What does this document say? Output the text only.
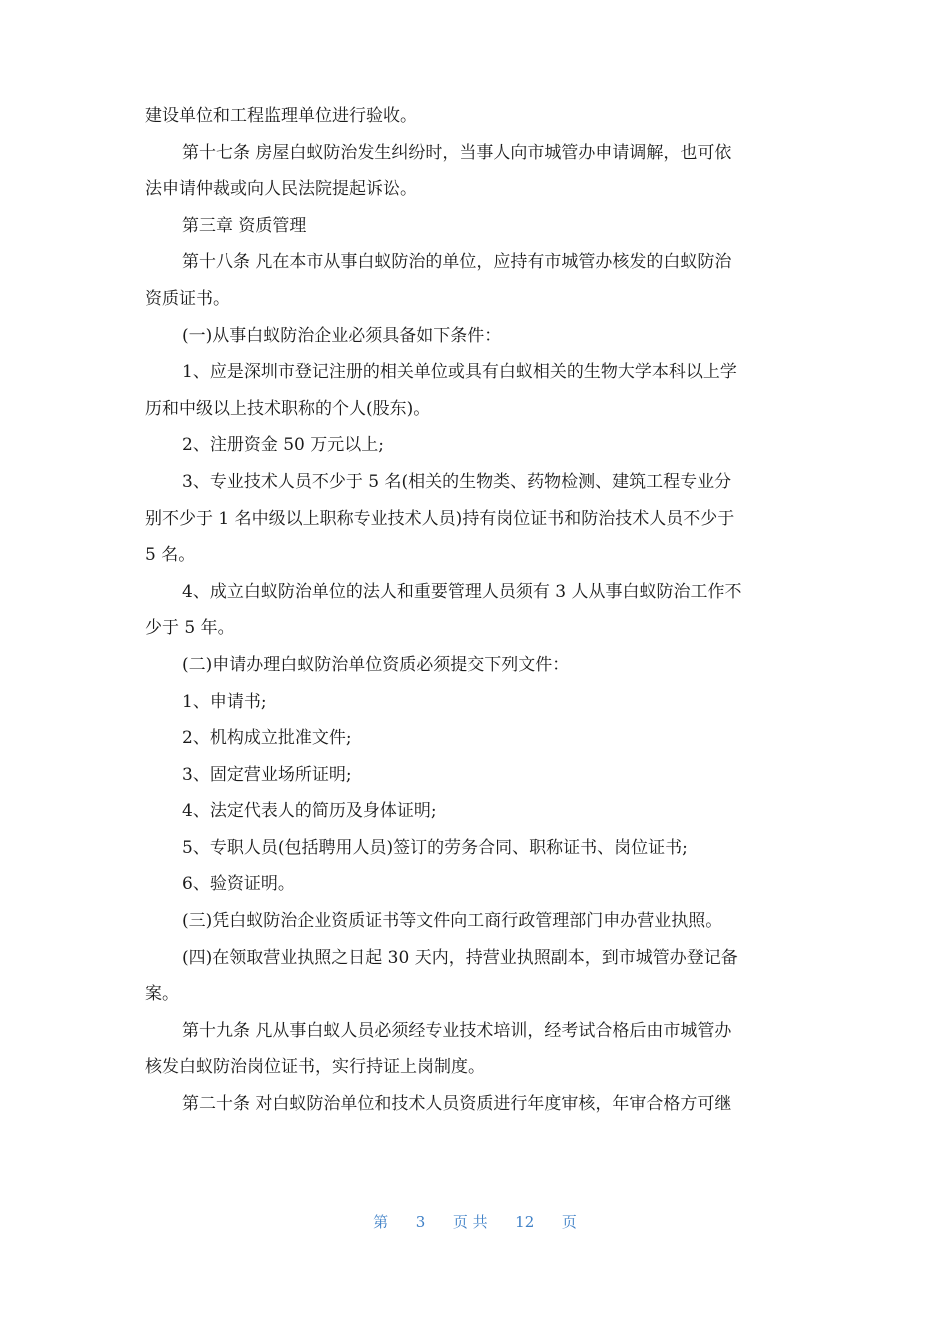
建设单位和工程监理单位进行验收。
第十七条 房屋白蚁防治发生纠纷时，当事人向市城管办申请调解，也可依
法申请仲裁或向人民法院提起诉讼。
第三章 资质管理
第十八条 凡在本市从事白蚁防治的单位，应持有市城管办核发的白蚁防治
资质证书。
(一)从事白蚁防治企业必须具备如下条件：
1、应是深圳市登记注册的相关单位或具有白蚁相关的生物大学本科以上学
历和中级以上技术职称的个人(股东)。
2、注册资金 50 万元以上;
3、专业技术人员不少于 5 名(相关的生物类、药物检测、建筑工程专业分
别不少于 1 名中级以上职称专业技术人员)持有岗位证书和防治技术人员不少于
5 名。
4、成立白蚁防治单位的法人和重要管理人员须有 3 人从事白蚁防治工作不
少于 5 年。
(二)申请办理白蚁防治单位资质必须提交下列文件：
1、申请书;
2、机构成立批准文件;
3、固定营业场所证明;
4、法定代表人的简历及身体证明;
5、专职人员(包括聘用人员)签订的劳务合同、职称证书、岗位证书;
6、验资证明。
(三)凭白蚁防治企业资质证书等文件向工商行政管理部门申办营业执照。
(四)在领取营业执照之日起 30 天内，持营业执照副本，到市城管办登记备
案。
第十九条 凡从事白蚁人员必须经专业技术培训，经考试合格后由市城管办
核发白蚁防治岗位证书，实行持证上岗制度。
第二十条 对白蚁防治单位和技术人员资质进行年度审核，年审合格方可继
第 3 页 共 12 页
